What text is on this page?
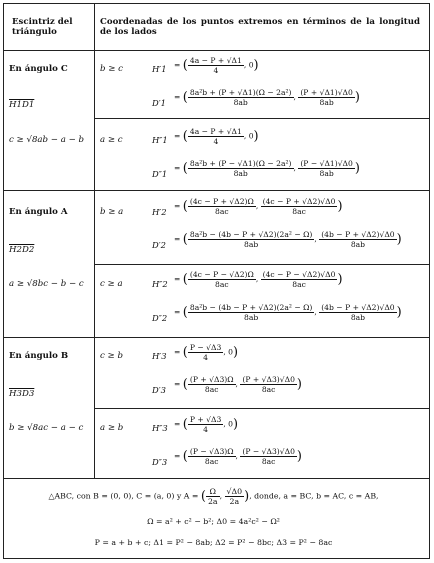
Escintriz del triángulo
Coordenadas de los puntos extremos en términos de la longitud de los lados
En ángulo C
H1D1
c ≥ √8ab − a − b
b ≥ c
a ≥ c
H′1 = ( $\frac{4a - P + √\Delta 1}{4}$ , 0)
D′1
= ( $\frac{\text{8a²b + (P + √Δ1)(Ω − 2a²)}}{8ab}$ , $\frac{(P + √\Delta 1)√\Delta 0}{8ab}$ )
H″1 = ( $\frac{4a - P + √\Delta 1}{4}$ , 0)
D″1
= ( $\frac{\text{8a²b + (P − √Δ1)(Ω − 2a²)}}{8ab}$ , $\frac{(P - √\Delta 1)√\Delta 0}{8ab}$ )
En ángulo A
H2D2
a ≥ √8bc − b − c
b ≥ a
c ≥ a
H′2
= ( $\frac{(4c - P + √\Delta 2)\Omega}{8ac}$ , $\frac{(4c - P + √\Delta 2)√\Delta 0}{8ac}$ )
D′2
= ( $\frac{\text{8a²b − (4b − P + √Δ2)(2a² − Ω)}}{8ab}$ , $\frac{(4b - P + √\Delta 2)√\Delta 0}{8ab}$ )
H″2 = ( $\frac{(4c - P - √\Delta 2)\Omega}{8ac}$ , $\frac{(4c - P - √\Delta 2)√\Delta 0}{8ac}$ )
D″2
= ( $\frac{\text{8a²b − (4b − P + √Δ2)(2a² − Ω)}}{8ab}$ , $\frac{(4b - P + √\Delta 2)√\Delta 0}{8ab}$ )
En ángulo B
H3D3
b ≥ √8ac − a − c
c ≥ b
a ≥ b
H′3 = ( $\frac{P - √\Delta 3}{4}$ , 0)
D′3
= ( $\frac{(P + √\Delta 3)\Omega}{8ac}$ , $\frac{(P + √\Delta 3)√\Delta 0}{8ac}$ )
H″3 = ( $\frac{P + √\Delta 3}{4}$ , 0)
D″3
= ( $\frac{(P - √\Delta 3)\Omega}{8ac}$ , $\frac{(P - √\Delta 3)√\Delta 0}{8ac}$ )
△ABC, con B = (0, 0), C = (a, 0) y A = ( $\frac{\Omega}{2a}$ , $\frac{√\Delta 0}{2a}$ ), donde, a = BC, b = AC, c = AB,
Ω = a² + c² − b²; Δ0 = 4a²c² − Ω²
P = a + b + c; Δ1 = P² − 8ab; Δ2 = P² − 8bc; Δ3 = P² − 8ac
